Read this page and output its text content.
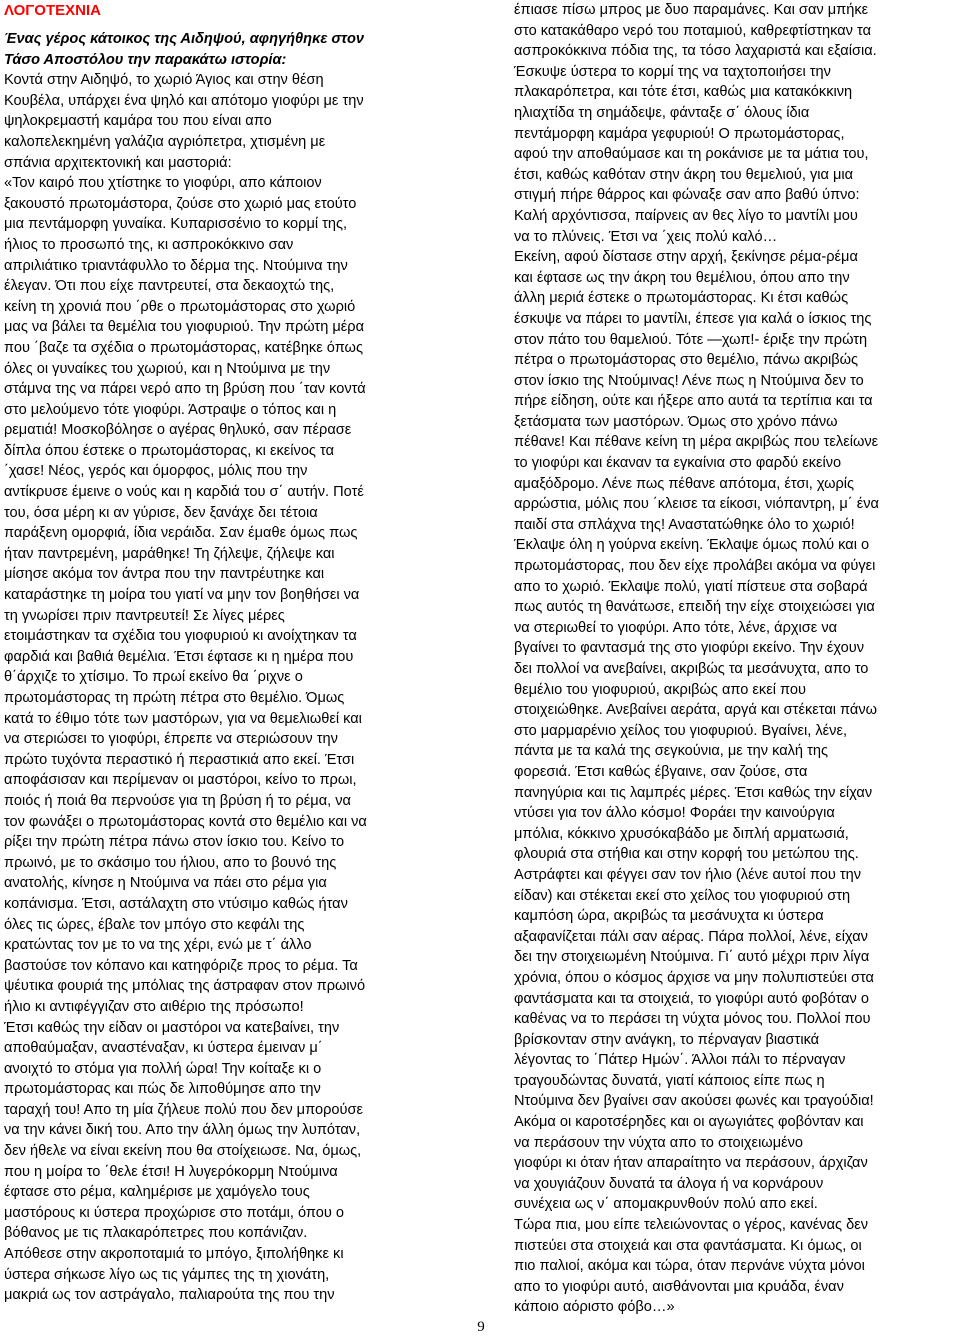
ΛΟΓΟΤΕΧΝΙΑ
Ένας γέρος κάτοικος της Αιδηψού, αφηγήθηκε στον
Τάσο Αποστόλου την παρακάτω ιστορία:
Κοντά στην Αιδηψό, το χωριό Άγιος και στην θέση
Κουβέλα, υπάρχει ένα ψηλό και απότομο γιοφύρι με την
ψηλοκρεμαστή καμάρα του που είναι απο
καλοπελεκημένη γαλάζια αγριόπετρα, χτισμένη με
σπάνια αρχιτεκτονική και μαστοριά:
«Τον καιρό που χτίστηκε το γιοφύρι, απο κάποιον
ξακουστό πρωτομάστορα, ζούσε στο χωριό μας ετούτο
μια πεντάμορφη γυναίκα. Κυπαρισσένιο το κορμί της,
ήλιος το προσωπό της, κι ασπροκόκκινο σαν
απριλιάτικο τριαντάφυλλο το δέρμα της. Ντούμινα την
έλεγαν. Ότι που είχε παντρευτεί, στα δεκαοχτώ της,
κείνη τη χρονιά που ΄ρθε ο πρωτομάστορας στο χωριό
μας να βάλει τα θεμέλια του γιοφυριού. Την πρώτη μέρα
που ΄βαζε τα σχέδια ο πρωτομάστορας, κατέβηκε όπως
όλες οι γυναίκες του χωριού, και η Ντούμινα με την
στάμνα της να πάρει νερό απο τη βρύση που ΄ταν κοντά
στο μελούμενο τότε γιοφύρι. Άστραψε ο τόπος και η
ρεματιά! Μοσκοβόλησε ο αγέρας θηλυκό, σαν πέρασε
δίπλα όπου έστεκε ο πρωτομάστορας, κι εκείνος τα
΄χασε! Νέος, γερός και όμορφος, μόλις που την
αντίκρυσε έμεινε ο νούς και η καρδιά του σ΄ αυτήν. Ποτέ
του, όσα μέρη κι αν γύρισε, δεν ξανάχε δει τέτοια
παράξενη ομορφιά, ίδια νεράιδα. Σαν έμαθε όμως πως
ήταν παντρεμένη, μαράθηκε! Τη ζήλεψε, ζήλεψε και
μίσησε ακόμα τον άντρα που την παντρέυτηκε και
καταράστηκε τη μοίρα του γιατί να μην τον βοηθήσει να
τη γνωρίσει πριν παντρευτεί! Σε λίγες μέρες
ετοιμάστηκαν τα σχέδια του γιοφυριού κι ανοίχτηκαν τα
φαρδιά και βαθιά θεμέλια. Έτσι έφτασε κι η ημέρα που
θ΄άρχιζε το χτίσιμο. Το πρωί εκείνο θα ΄ριχνε ο
πρωτομάστορας τη πρώτη πέτρα στο θεμέλιο. Όμως
κατά το έθιμο τότε των μαστόρων, για να θεμελιωθεί και
να στεριώσει το γιοφύρι, έπρεπε να στεριώσουν την
πρώτο τυχόντα περαστικό ή περαστικιά απο εκεί. Έτσι
αποφάσισαν και περίμεναν οι μαστόροι, κείνο το πρωι,
ποιός ή ποιά θα περνούσε για τη βρύση ή το ρέμα, να
τον φωνάξει ο πρωτομάστορας κοντά στο θεμέλιο και να
ρίξει την πρώτη πέτρα πάνω στον ίσκιο του. Κείνο το
πρωινό, με το σκάσιμο του ήλιου, απο το βουνό της
ανατολής, κίνησε η Ντούμινα να πάει στο ρέμα για
κοπάνισμα. Έτσι, αστάλαχτη στο ντύσιμο καθώς ήταν
όλες τις ώρες, έβαλε τον μπόγο στο κεφάλι της
κρατώντας τον με το να της χέρι, ενώ με τ΄ άλλο
βαστούσε τον κόπανο και κατηφόριζε προς το ρέμα. Τα
ψέυτικα φουριά της μπόλιας της άστραφαν στον πρωινό
ήλιο κι αντιφέγγιζαν στο αιθέριο της πρόσωπο!
Έτσι καθώς την είδαν οι μαστόροι να κατεβαίνει, την
αποθαύμαξαν, αναστέναξαν, κι ύστερα έμειναν μ΄
ανοιχτό το στόμα για πολλή ώρα! Την κοίταξε κι ο
πρωτομάστορας και πώς δε λιποθύμησε απο την
ταραχή του! Απο τη μία ζήλευε πολύ που δεν μπορούσε
να την κάνει δική του. Απο την άλλη όμως την λυπόταν,
δεν ήθελε να είναι εκείνη που θα στοίχειωσε. Να, όμως,
που η μοίρα το ΄θελε έτσι! Η λυγερόκορμη Ντούμινα
έφτασε στο ρέμα, καλημέρισε με χαμόγελο τους
μαστόρους κι ύστερα προχώρισε στο ποτάμι, όπου ο
βόθανος με τις πλακαρόπετρες που κοπάνιζαν.
Απόθεσε στην ακροποταμιά το μπόγο, ξιπολήθηκε κι
ύστερα σήκωσε λίγο ως τις γάμπες της τη χιονάτη,
μακριά ως τον αστράγαλο, παλιαρούτα της που την
έπιασε πίσω μπρος με δυο παραμάνες. Και σαν μπήκε
στο κατακάθαρο νερό του ποταμιού, καθρεφτίστηκαν τα
ασπροκόκκινα πόδια της, τα τόσο λαχαριστά και εξαίσια.
Έσκυψε ύστερα το κορμί της να ταχτοποιήσει την
πλακαρόπετρα, και τότε έτσι, καθώς μια κατακόκκινη
ηλιαχτίδα τη σημάδεψε, φάνταξε σ΄ όλους ίδια
πεντάμορφη καμάρα γεφυριού! Ο πρωτομάστορας,
αφού την αποθαύμασε και τη ροκάνισε με τα μάτια του,
έτσι, καθώς καθόταν στην άκρη του θεμελιού, για μια
στιγμή πήρε θάρρος και φώναξε σαν απο βαθύ ύπνο:
Καλή αρχόντισσα, παίρνεις αν θες λίγο το μαντίλι μου
να το πλύνεις. Έτσι να ΄χεις πολύ καλό…
Εκείνη, αφού δίστασε στην αρχή, ξεκίνησε ρέμα-ρέμα
και έφτασε ως την άκρη του θεμέλιου, όπου απο την
άλλη μεριά έστεκε ο πρωτομάστορας. Κι έτσι καθώς
έσκυψε να πάρει το μαντίλι, έπεσε για καλά ο ίσκιος της
στον πάτο του θαμελιού. Τότε ―χωπ!- έριξε την πρώτη
πέτρα ο πρωτομάστορας στο θεμέλιο, πάνω ακριβώς
στον ίσκιο της Ντούμινας! Λένε πως η Ντούμινα δεν το
πήρε είδηση, ούτε και ήξερε απο αυτά τα τερτίπια και τα
ξετάσματα των μαστόρων. Όμως στο χρόνο πάνω
πέθανε! Και πέθανε κείνη τη μέρα ακριβώς που τελείωνε
το γιοφύρι και έκαναν τα εγκαίνια στο φαρδύ εκείνο
αμαξόδρομο. Λένε πως πέθανε απότομα, έτσι, χωρίς
αρρώστια, μόλις που ΄κλεισε τα είκοσι, νιόπαντρη, μ΄ ένα
παιδί στα σπλάχνα της! Αναστατώθηκε όλο το χωριό!
Έκλαψε όλη η γούρνα εκείνη. Έκλαψε όμως πολύ και ο
πρωτομάστορας, που δεν είχε προλάβει ακόμα να φύγει
απο το χωριό. Έκλαψε πολύ, γιατί πίστευε στα σοβαρά
πως αυτός τη θανάτωσε, επειδή την είχε στοιχειώσει για
να στεριωθεί το γιοφύρι. Απο τότε, λένε, άρχισε να
βγαίνει το φαντασμά της στο γιοφύρι εκείνο. Την έχουν
δει πολλοί να ανεβαίνει, ακριβώς τα μεσάνυχτα, απο το
θεμέλιο του γιοφυριού, ακριβώς απο εκεί που
στοιχειώθηκε. Ανεβαίνει αεράτα, αργά και στέκεται πάνω
στο μαρμαρένιο χείλος του γιοφυριού. Βγαίνει, λένε,
πάντα με τα καλά της σεγκούνια, με την καλή της
φορεσιά. Έτσι καθώς έβγαινε, σαν ζούσε, στα
πανηγύρια και τις λαμπρές μέρες. Έτσι καθώς την είχαν
ντύσει για τον άλλο κόσμο! Φοράει την καινούργια
μπόλια, κόκκινο χρυσόκαβάδο με διπλή αρματωσιά,
φλουριά στα στήθια και στην κορφή του μετώπου της.
Αστράφτει και φέγγει σαν τον ήλιο (λένε αυτοί που την
είδαν) και στέκεται εκεί στο χείλος του γιοφυριού στη
καμπόση ώρα, ακριβώς τα μεσάνυχτα κι ύστερα
αξαφανίζεται πάλι σαν αέρας. Πάρα πολλοί, λένε, είχαν
δει την στοιχειωμένη Ντούμινα. Γι΄ αυτό μέχρι πριν λίγα
χρόνια, όπου ο κόσμος άρχισε να μην πολυπιστεύει στα
φαντάσματα και τα στοιχειά, το γιοφύρι αυτό φοβόταν ο
καθένας να το περάσει τη νύχτα μόνος του. Πολλοί που
βρίσκονταν στην ανάγκη, το πέρναγαν βιαστικά
λέγοντας το ΄Πάτερ Ημών΄. Άλλοι πάλι το πέρναγαν
τραγουδώντας δυνατά, γιατί κάποιος είπε πως η
Ντούμινα δεν βγαίνει σαν ακούσει φωνές και τραγούδια!
Ακόμα οι καροτσέρηδες και οι αγωγιάτες φοβόνταν και
να περάσουν την νύχτα απο το στοιχειωμένο
γιοφύρι κι όταν ήταν απαραίτητο να περάσουν, άρχιζαν
να χουγιάζουν δυνατά τα άλογα ή να κορνάρουν
συνέχεια ως ν΄ απομακρυνθούν πολύ απο εκεί.
Τώρα πια, μου είπε τελειώνοντας ο γέρος, κανένας δεν
πιστεύει στα στοιχειά και στα φαντάσματα. Κι όμως, οι
πιο παλιοί, ακόμα και τώρα, όταν περνάνε νύχτα μόνοι
απο το γιοφύρι αυτό, αισθάνονται μια κρυάδα, έναν
κάποιο αόριστο φόβο…»
9
